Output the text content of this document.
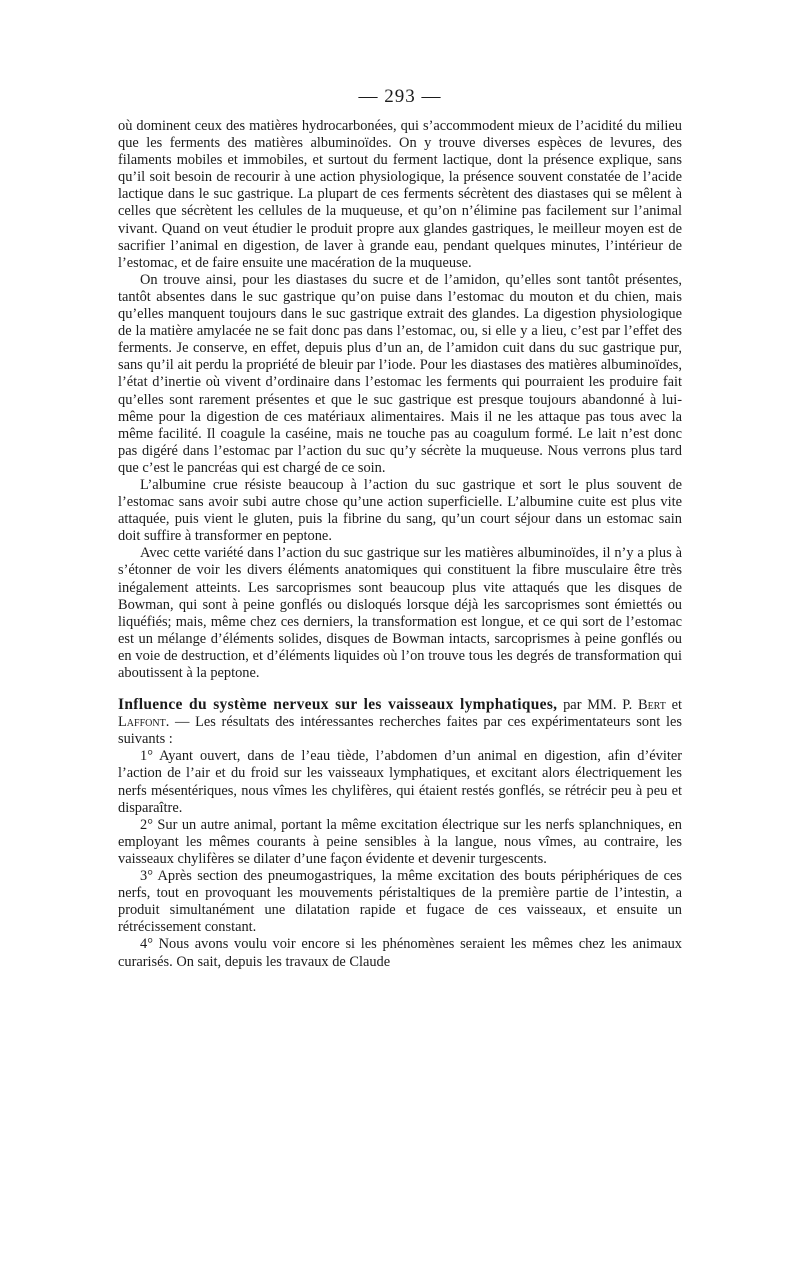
— 293 —

où dominent ceux des matières hydrocarbonées, qui s’accommodent mieux de l’acidité du milieu que les ferments des matières albuminoïdes. On y trouve diverses espèces de levures, des filaments mobiles et immobiles, et surtout du ferment lactique, dont la présence explique, sans qu’il soit besoin de recourir à une action physiologique, la présence souvent constatée de l’acide lactique dans le suc gastrique. La plupart de ces ferments sécrètent des diastases qui se mêlent à celles que sécrètent les cellules de la muqueuse, et qu’on n’élimine pas facilement sur l’animal vivant. Quand on veut étudier le produit propre aux glandes gastriques, le meilleur moyen est de sacrifier l’animal en digestion, de laver à grande eau, pendant quelques minutes, l’intérieur de l’estomac, et de faire ensuite une macération de la muqueuse.

On trouve ainsi, pour les diastases du sucre et de l’amidon, qu’elles sont tantôt présentes, tantôt absentes dans le suc gastrique qu’on puise dans l’estomac du mouton et du chien, mais qu’elles manquent toujours dans le suc gastrique extrait des glandes. La digestion physiologique de la matière amylacée ne se fait donc pas dans l’estomac, ou, si elle y a lieu, c’est par l’effet des ferments. Je conserve, en effet, depuis plus d’un an, de l’amidon cuit dans du suc gastrique pur, sans qu’il ait perdu la propriété de bleuir par l’iode. Pour les diastases des matières albuminoïdes, l’état d’inertie où vivent d’ordinaire dans l’estomac les ferments qui pourraient les produire fait qu’elles sont rarement présentes et que le suc gastrique est presque toujours abandonné à lui-même pour la digestion de ces matériaux alimentaires. Mais il ne les attaque pas tous avec la même facilité. Il coagule la caséine, mais ne touche pas au coagulum formé. Le lait n’est donc pas digéré dans l’estomac par l’action du suc qu’y sécrète la muqueuse. Nous verrons plus tard que c’est le pancréas qui est chargé de ce soin.

L’albumine crue résiste beaucoup à l’action du suc gastrique et sort le plus souvent de l’estomac sans avoir subi autre chose qu’une action superficielle. L’albumine cuite est plus vite attaquée, puis vient le gluten, puis la fibrine du sang, qu’un court séjour dans un estomac sain doit suffire à transformer en peptone.

Avec cette variété dans l’action du suc gastrique sur les matières albuminoïdes, il n’y a plus à s’étonner de voir les divers éléments anatomiques qui constituent la fibre musculaire être très inégalement atteints. Les sarcoprismes sont beaucoup plus vite attaqués que les disques de Bowman, qui sont à peine gonflés ou disloqués lorsque déjà les sarcoprismes sont émiettés ou liquéfiés; mais, même chez ces derniers, la transformation est longue, et ce qui sort de l’estomac est un mélange d’éléments solides, disques de Bowman intacts, sarcoprismes à peine gonflés ou en voie de destruction, et d’éléments liquides où l’on trouve tous les degrés de transformation qui aboutissent à la peptone.

Influence du système nerveux sur les vaisseaux lymphatiques, par MM. P. Bert et Laffont. — Les résultats des intéressantes recherches faites par ces expérimentateurs sont les suivants :

1° Ayant ouvert, dans de l’eau tiède, l’abdomen d’un animal en digestion, afin d’éviter l’action de l’air et du froid sur les vaisseaux lymphatiques, et excitant alors électriquement les nerfs mésentériques, nous vîmes les chylifères, qui étaient restés gonflés, se rétrécir peu à peu et disparaître.

2° Sur un autre animal, portant la même excitation électrique sur les nerfs splanchniques, en employant les mêmes courants à peine sensibles à la langue, nous vîmes, au contraire, les vaisseaux chylifères se dilater d’une façon évidente et devenir turgescents.

3° Après section des pneumogastriques, la même excitation des bouts périphériques de ces nerfs, tout en provoquant les mouvements péristaltiques de la première partie de l’intestin, a produit simultanément une dilatation rapide et fugace de ces vaisseaux, et ensuite un rétrécissement constant.

4° Nous avons voulu voir encore si les phénomènes seraient les mêmes chez les animaux curarisés. On sait, depuis les travaux de Claude
